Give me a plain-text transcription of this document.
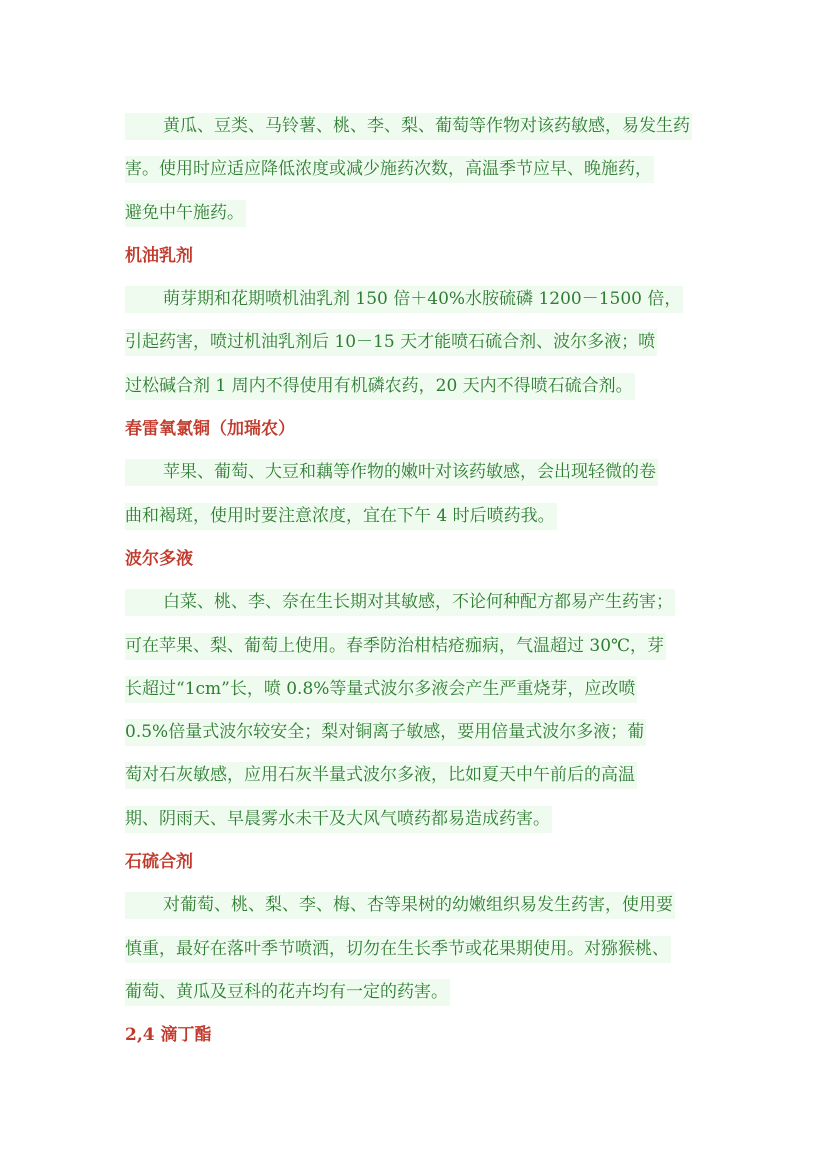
黄瓜、豆类、马铃薯、桃、李、梨、葡萄等作物对该药敏感，易发生药
害。使用时应适应降低浓度或减少施药次数，高温季节应早、晚施药，
避免中午施药。
机油乳剂
萌芽期和花期喷机油乳剂 150 倍＋40%水胺硫磷 1200－1500 倍，
引起药害，喷过机油乳剂后 10－15 天才能喷石硫合剂、波尔多液；喷
过松碱合剂 1 周内不得使用有机磷农药，20 天内不得喷石硫合剂。
春雷氧氯铜（加瑞农）
苹果、葡萄、大豆和藕等作物的嫩叶对该药敏感，会出现轻微的卷
曲和褐斑，使用时要注意浓度，宜在下午 4 时后喷药我。
波尔多液
白菜、桃、李、奈在生长期对其敏感，不论何种配方都易产生药害；
可在苹果、梨、葡萄上使用。春季防治柑桔疮痂病，气温超过 30℃，芽
长超过“1cm”长，喷 0.8%等量式波尔多液会产生严重烧芽，应改喷
0.5%倍量式波尔较安全；梨对铜离子敏感，要用倍量式波尔多液；葡
萄对石灰敏感，应用石灰半量式波尔多液，比如夏天中午前后的高温
期、阴雨天、早晨雾水未干及大风气喷药都易造成药害。
石硫合剂
对葡萄、桃、梨、李、梅、杏等果树的幼嫩组织易发生药害，使用要
慎重，最好在落叶季节喷洒，切勿在生长季节或花果期使用。对猕猴桃、
葡萄、黄瓜及豆科的花卉均有一定的药害。
2,4 滴丁酯
